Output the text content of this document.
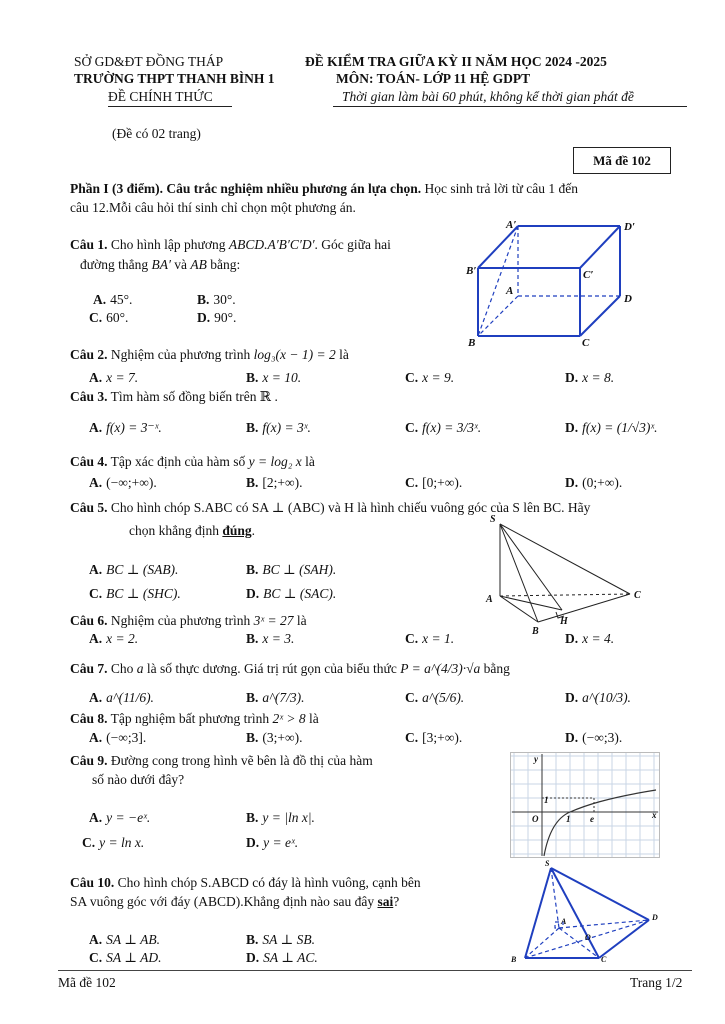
SỞ GD&ĐT ĐỒNG THÁP
TRƯỜNG THPT THANH BÌNH 1
ĐỀ CHÍNH THỨC
ĐỀ KIỂM TRA GIỮA KỲ II NĂM HỌC 2024 -2025
MÔN: TOÁN- LỚP 11 HỆ GDPT
Thời gian làm bài 60 phút, không kể thời gian phát đề
(Đề có 02 trang)
Mã đề 102
Phần I (3 điểm). Câu trắc nghiệm nhiều phương án lựa chọn. Học sinh trả lời từ câu 1 đến
câu 12.Mỗi câu hỏi thí sinh chỉ chọn một phương án.
Câu 1. Cho hình lập phương ABCD.A′B′C′D′. Góc giữa hai
đường thẳng BA′ và AB bằng:
A. 45°.	B. 30°.
C. 60°.	D. 90°.
A′	D′
B′	C′
A
D
B	C
Câu 2. Nghiệm của phương trình log₃(x − 1) = 2 là
A. x = 7.	B. x = 10.	C. x = 9.	D. x = 8.
Câu 3. Tìm hàm số đồng biến trên ℝ .
A. f(x) = 3⁻ˣ.	B. f(x) = 3ˣ.	C. f(x) = 3/3ˣ.	D. f(x) = (1/√3)ˣ.
Câu 4. Tập xác định của hàm số y = log₂ x là
A. (−∞;+∞).	B. [2;+∞).	C. [0;+∞).	D. (0;+∞).
Câu 5. Cho hình chóp S.ABC có SA ⊥ (ABC) và H là hình chiếu vuông góc của S lên BC. Hãy
chọn khẳng định đúng.
A. BC ⊥ (SAB).	B. BC ⊥ (SAH).
C. BC ⊥ (SHC).	D. BC ⊥ (SAC).
S
A
B
H
C
Câu 6. Nghiệm của phương trình 3ˣ = 27 là
A. x = 2.	B. x = 3.	C. x = 1.	D. x = 4.
Câu 7. Cho a là số thực dương. Giá trị rút gọn của biểu thức P = a^(4/3)·√a bằng
A. a^(11/6).	B. a^(7/3).	C. a^(5/6).	D. a^(10/3).
Câu 8. Tập nghiệm bất phương trình 2ˣ > 8 là
A. (−∞;3].	B. (3;+∞).	C. [3;+∞).	D. (−∞;3).
Câu 9. Đường cong trong hình vẽ bên là đồ thị của hàm
số nào dưới đây?
A. y = −eˣ.	B. y = |ln x|.
C. y = ln x.	D. y = eˣ.
y
O
1
1 e	x
Câu 10. Cho hình chóp S.ABCD có đáy là hình vuông, cạnh bên
SA vuông góc với đáy (ABCD).Khẳng định nào sau đây sai?
A. SA ⊥ AB.	B. SA ⊥ SB.
C. SA ⊥ AD.	D. SA ⊥ AC.
S
D
A
O
B	C
Mã đề 102	Trang 1/2
